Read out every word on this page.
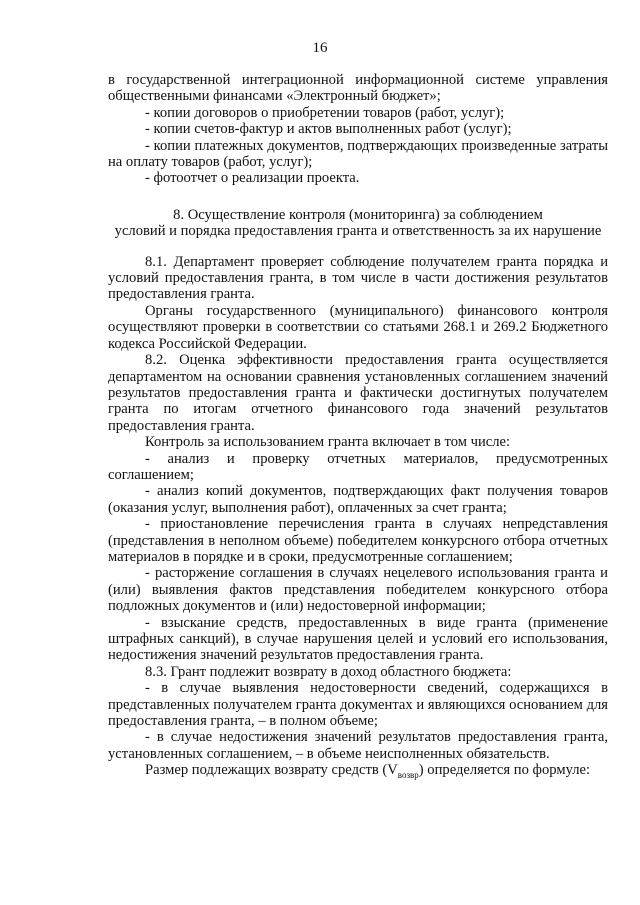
16

в государственной интеграционной информационной системе управления общественными финансами «Электронный бюджет»;

- копии договоров о приобретении товаров (работ, услуг);

- копии счетов-фактур и актов выполненных работ (услуг);

- копии платежных документов, подтверждающих произведенные затраты на оплату товаров (работ, услуг);

- фотоотчет о реализации проекта.

8. Осуществление контроля (мониторинга) за соблюдением

условий и порядка предоставления гранта и ответственность за их нарушение

8.1. Департамент проверяет соблюдение получателем гранта порядка и условий предоставления гранта, в том числе в части достижения результатов предоставления гранта.

Органы государственного (муниципального) финансового контроля осуществляют проверки в соответствии со статьями 268.1 и 269.2 Бюджетного кодекса Российской Федерации.

8.2. Оценка эффективности предоставления гранта осуществляется департаментом на основании сравнения установленных соглашением значений результатов предоставления гранта и фактически достигнутых получателем гранта по итогам отчетного финансового года значений результатов предоставления гранта.

Контроль за использованием гранта включает в том числе:

- анализ и проверку отчетных материалов, предусмотренных соглашением;

- анализ копий документов, подтверждающих факт получения товаров (оказания услуг, выполнения работ), оплаченных за счет гранта;

- приостановление перечисления гранта в случаях непредставления (представления в неполном объеме) победителем конкурсного отбора отчетных материалов в порядке и в сроки, предусмотренные соглашением;

- расторжение соглашения в случаях нецелевого использования гранта и (или) выявления фактов представления победителем конкурсного отбора подложных документов и (или) недостоверной информации;

- взыскание средств, предоставленных в виде гранта (применение штрафных санкций), в случае нарушения целей и условий его использования, недостижения значений результатов предоставления гранта.

8.3. Грант подлежит возврату в доход областного бюджета:

- в случае выявления недостоверности сведений, содержащихся в представленных получателем гранта документах и являющихся основанием для предоставления гранта, – в полном объеме;

- в случае недостижения значений результатов предоставления гранта, установленных соглашением, – в объеме неисполненных обязательств.

Размер подлежащих возврату средств $(V_{возвр})$ определяется по формуле:
